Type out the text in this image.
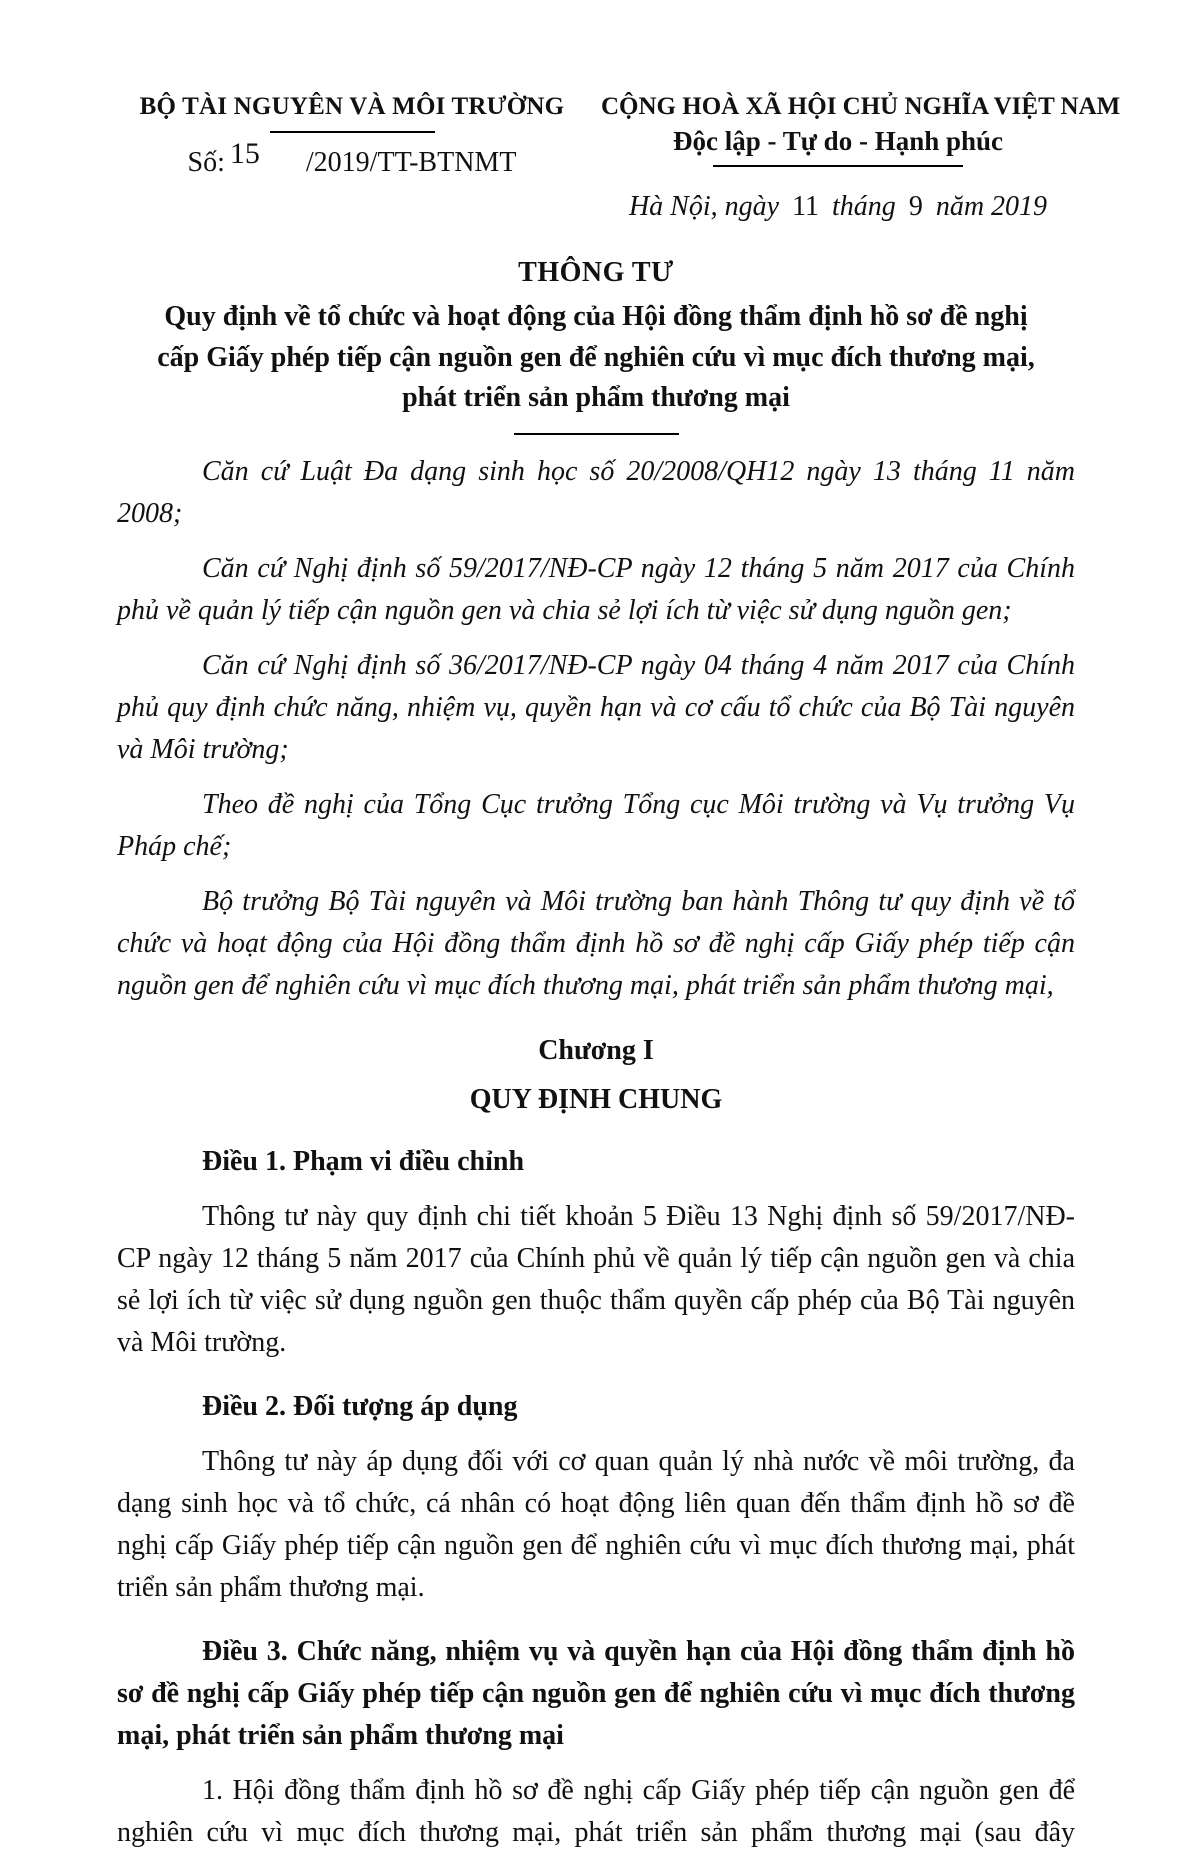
BỘ TÀI NGUYÊN VÀ MÔI TRƯỜNG
Số: 15 /2019/TT-BTNMT
CỘNG HOÀ XÃ HỘI CHỦ NGHĨA VIỆT NAM
Độc lập - Tự do - Hạnh phúc
Hà Nội, ngày 11 tháng 9 năm 2019
THÔNG TƯ
Quy định về tổ chức và hoạt động của Hội đồng thẩm định hồ sơ đề nghị cấp Giấy phép tiếp cận nguồn gen để nghiên cứu vì mục đích thương mại, phát triển sản phẩm thương mại

Căn cứ Luật Đa dạng sinh học số 20/2008/QH12 ngày 13 tháng 11 năm 2008;

Căn cứ Nghị định số 59/2017/NĐ-CP ngày 12 tháng 5 năm 2017 của Chính phủ về quản lý tiếp cận nguồn gen và chia sẻ lợi ích từ việc sử dụng nguồn gen;

Căn cứ Nghị định số 36/2017/NĐ-CP ngày 04 tháng 4 năm 2017 của Chính phủ quy định chức năng, nhiệm vụ, quyền hạn và cơ cấu tổ chức của Bộ Tài nguyên và Môi trường;

Theo đề nghị của Tổng Cục trưởng Tổng cục Môi trường và Vụ trưởng Vụ Pháp chế;

Bộ trưởng Bộ Tài nguyên và Môi trường ban hành Thông tư quy định về tổ chức và hoạt động của Hội đồng thẩm định hồ sơ đề nghị cấp Giấy phép tiếp cận nguồn gen để nghiên cứu vì mục đích thương mại, phát triển sản phẩm thương mại,

Chương I
QUY ĐỊNH CHUNG

Điều 1. Phạm vi điều chỉnh

Thông tư này quy định chi tiết khoản 5 Điều 13 Nghị định số 59/2017/NĐ-CP ngày 12 tháng 5 năm 2017 của Chính phủ về quản lý tiếp cận nguồn gen và chia sẻ lợi ích từ việc sử dụng nguồn gen thuộc thẩm quyền cấp phép của Bộ Tài nguyên và Môi trường.

Điều 2. Đối tượng áp dụng

Thông tư này áp dụng đối với cơ quan quản lý nhà nước về môi trường, đa dạng sinh học và tổ chức, cá nhân có hoạt động liên quan đến thẩm định hồ sơ đề nghị cấp Giấy phép tiếp cận nguồn gen để nghiên cứu vì mục đích thương mại, phát triển sản phẩm thương mại.

Điều 3. Chức năng, nhiệm vụ và quyền hạn của Hội đồng thẩm định hồ sơ đề nghị cấp Giấy phép tiếp cận nguồn gen để nghiên cứu vì mục đích thương mại, phát triển sản phẩm thương mại

1. Hội đồng thẩm định hồ sơ đề nghị cấp Giấy phép tiếp cận nguồn gen để nghiên cứu vì mục đích thương mại, phát triển sản phẩm thương mại (sau đây
